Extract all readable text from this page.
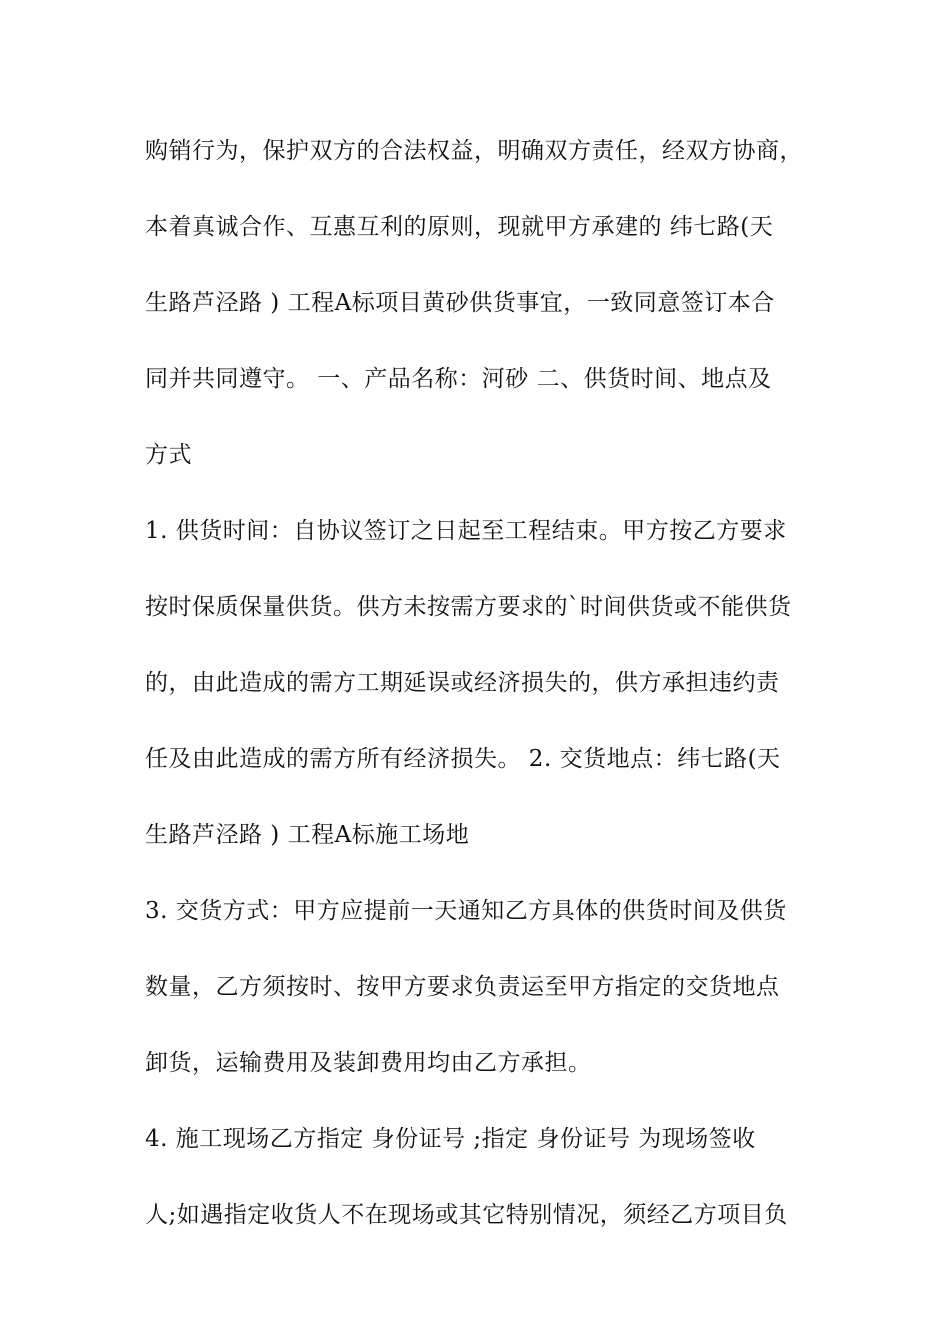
购销行为，保护双方的合法权益，明确双方责任，经双方协商，
本着真诚合作、互惠互利的原则，现就甲方承建的 纬七路(天
生路芦泾路 ) 工程A标项目黄砂供货事宜，一致同意签订本合
同并共同遵守。 一、产品名称：河砂 二、供货时间、地点及
方式
1. 供货时间：自协议签订之日起至工程结束。甲方按乙方要求
按时保质保量供货。供方未按需方要求的`时间供货或不能供货
的，由此造成的需方工期延误或经济损失的，供方承担违约责
任及由此造成的需方所有经济损失。 2. 交货地点：纬七路(天
生路芦泾路 ) 工程A标施工场地
3. 交货方式：甲方应提前一天通知乙方具体的供货时间及供货
数量，乙方须按时、按甲方要求负责运至甲方指定的交货地点
卸货，运输费用及装卸费用均由乙方承担。
4. 施工现场乙方指定 身份证号 ;指定 身份证号 为现场签收
人;如遇指定收货人不在现场或其它特别情况，须经乙方项目负
